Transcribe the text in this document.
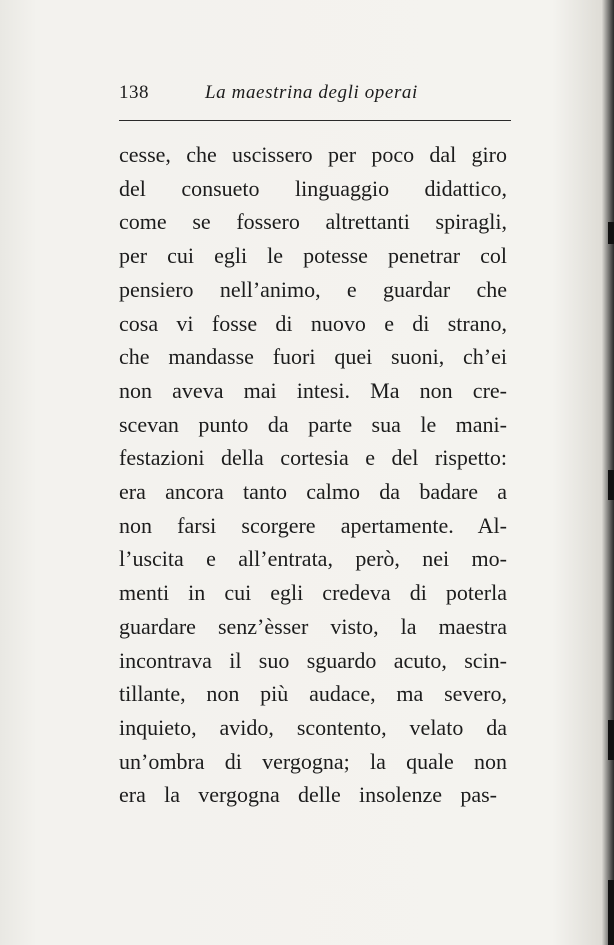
138	La maestrina degli operai
cesse, che uscissero per poco dal giro
del consueto linguaggio didattico,
come se fossero altrettanti spiragli,
per cui egli le potesse penetrar col
pensiero nell’animo, e guardar che
cosa vi fosse di nuovo e di strano,
che mandasse fuori quei suoni, ch’ei
non aveva mai intesi. Ma non cre-
scevan punto da parte sua le mani-
festazioni della cortesia e del rispetto:
era ancora tanto calmo da badare a
non farsi scorgere apertamente. Al-
l’uscita e all’entrata, però, nei mo-
menti in cui egli credeva di poterla
guardare senz’èsser visto, la maestra
incontrava il suo sguardo acuto, scin-
tillante, non più audace, ma severo,
inquieto, avido, scontento, velato da
un’ombra di vergogna; la quale non
era la vergogna delle insolenze pas-
